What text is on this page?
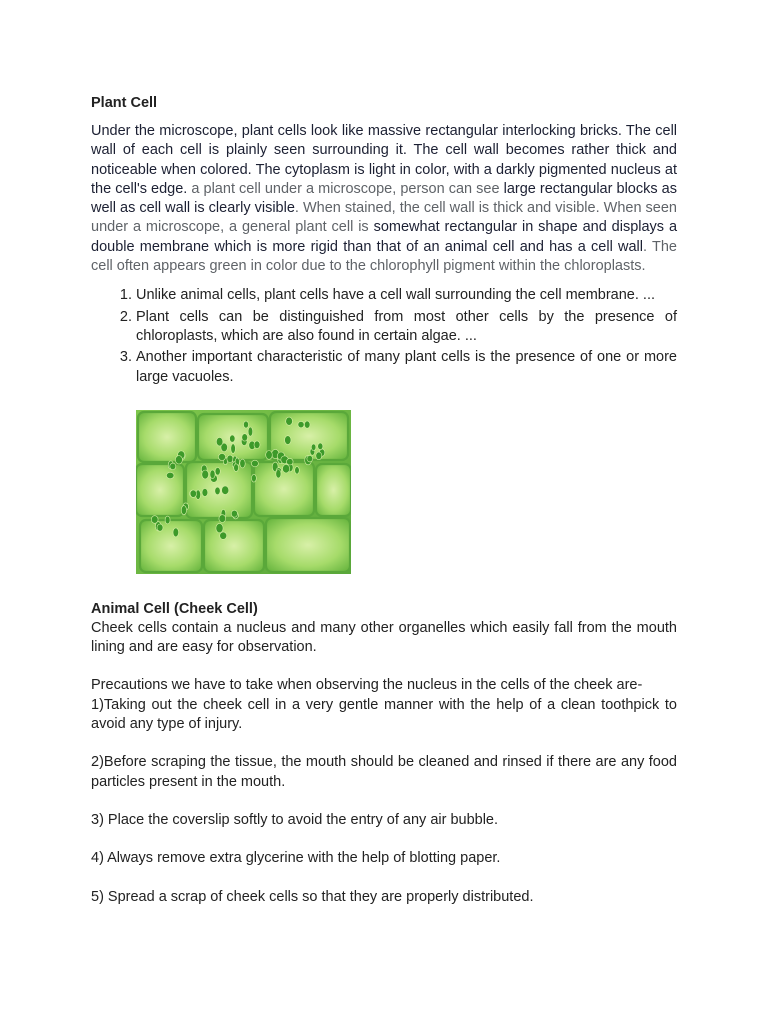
Plant Cell

Under the microscope, plant cells look like massive rectangular interlocking bricks. The cell wall of each cell is plainly seen surrounding it. The cell wall becomes rather thick and noticeable when colored. The cytoplasm is light in color, with a darkly pigmented nucleus at the cell's edge. a plant cell under a microscope, person can see large rectangular blocks as well as cell wall is clearly visible. When stained, the cell wall is thick and visible. When seen under a microscope, a general plant cell is somewhat rectangular in shape and displays a double membrane which is more rigid than that of an animal cell and has a cell wall. The cell often appears green in color due to the chlorophyll pigment within the chloroplasts.

1. Unlike animal cells, plant cells have a cell wall surrounding the cell membrane. ...
2. Plant cells can be distinguished from most other cells by the presence of chloroplasts, which are also found in certain algae. ...
3. Another important characteristic of many plant cells is the presence of one or more large vacuoles.
Animal Cell (Cheek Cell)

Cheek cells contain a nucleus and many other organelles which easily fall from the mouth lining and are easy for observation.

Precautions we have to take when observing the nucleus in the cells of the cheek are-

1)Taking out the cheek cell in a very gentle manner with the help of a clean toothpick to avoid any type of injury.

2)Before scraping the tissue, the mouth should be cleaned and rinsed if there are any food particles present in the mouth.

3) Place the coverslip softly to avoid the entry of any air bubble.

4) Always remove extra glycerine with the help of blotting paper.

5) Spread a scrap of cheek cells so that they are properly distributed.
